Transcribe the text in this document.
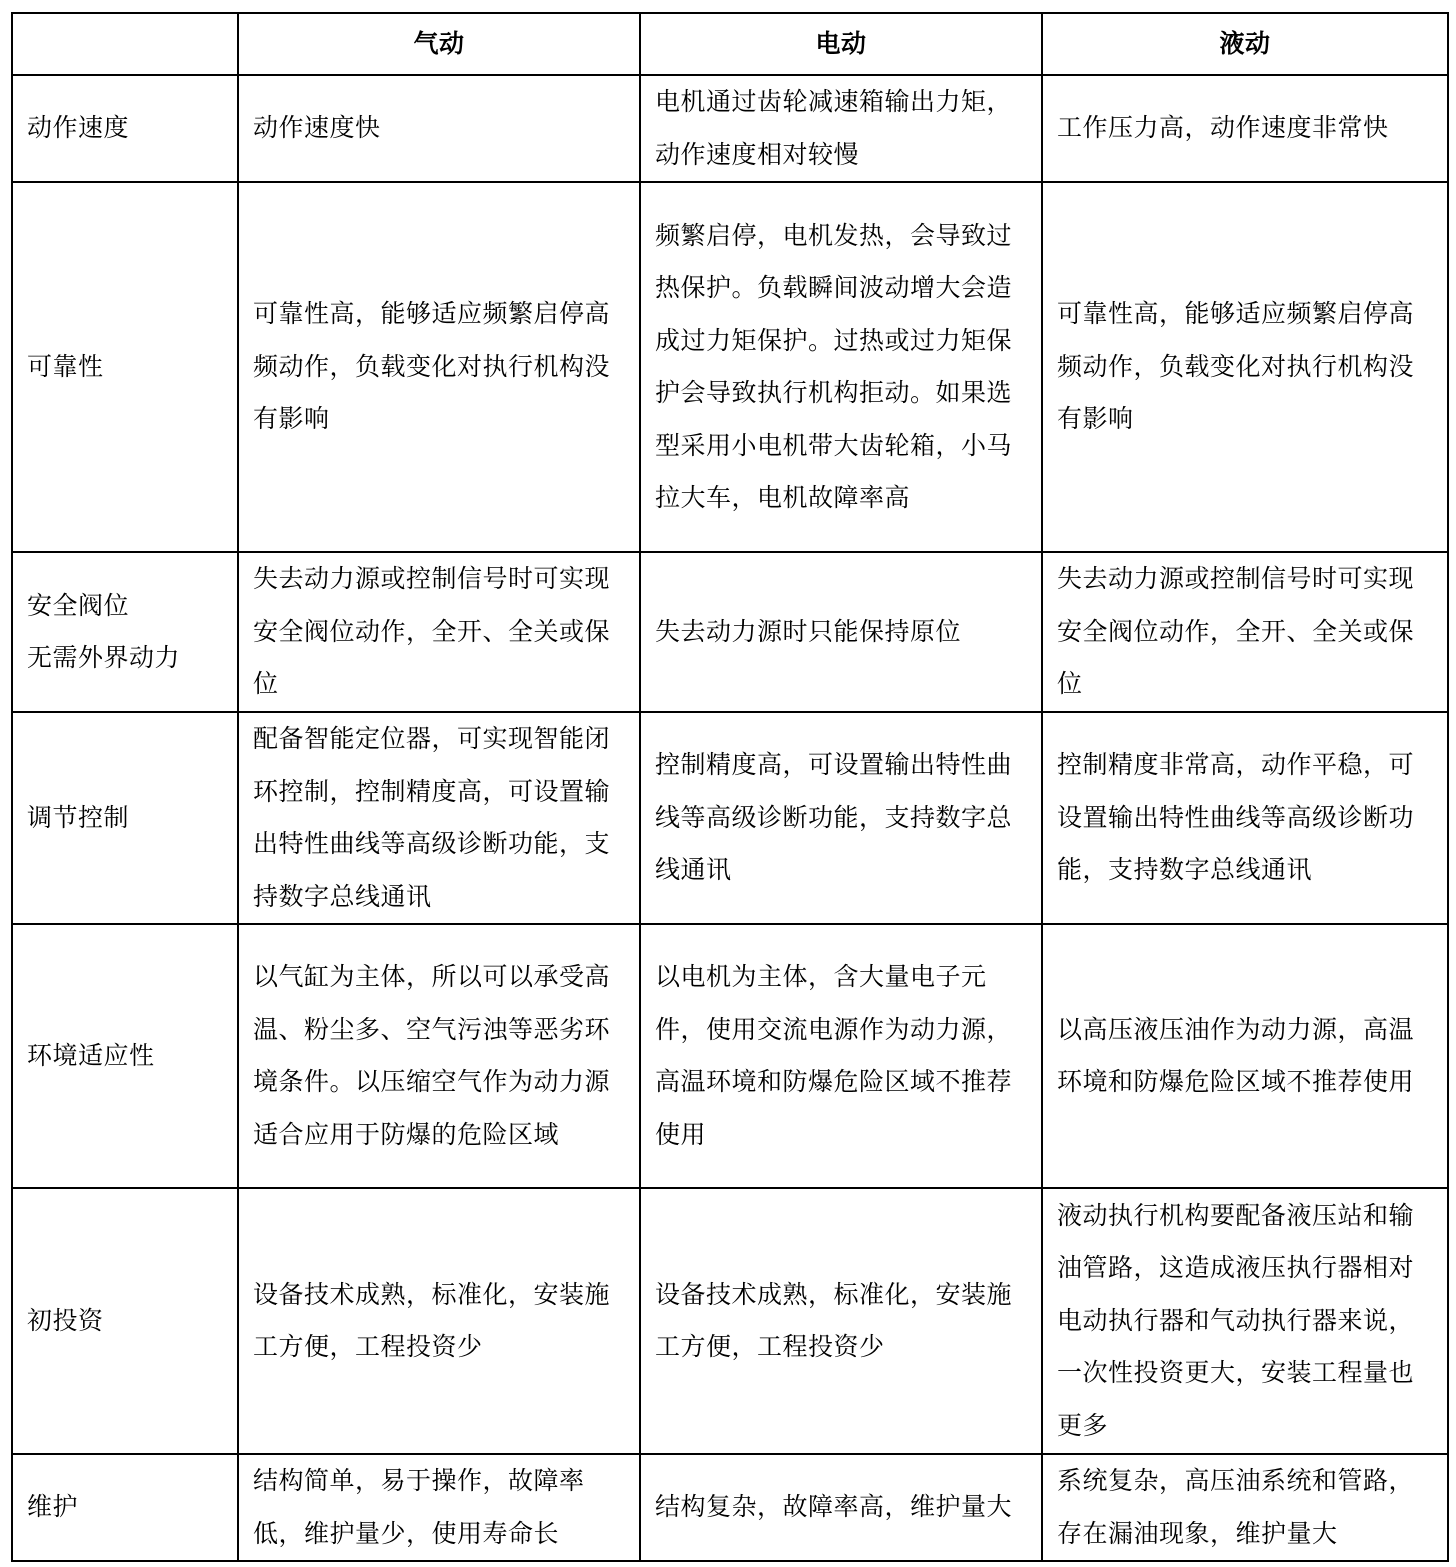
	气动	电动	液动

动作速度	动作速度快	电机通过齿轮减速箱输出力矩，动作速度相对较慢	工作压力高，动作速度非常快

可靠性	可靠性高，能够适应频繁启停高频动作，负载变化对执行机构没有影响	频繁启停，电机发热，会导致过热保护。负载瞬间波动增大会造成过力矩保护。过热或过力矩保护会导致执行机构拒动。如果选型采用小电机带大齿轮箱，小马拉大车，电机故障率高	可靠性高，能够适应频繁启停高频动作，负载变化对执行机构没有影响

安全阀位
无需外界动力	失去动力源或控制信号时可实现安全阀位动作，全开、全关或保位	失去动力源时只能保持原位	失去动力源或控制信号时可实现安全阀位动作，全开、全关或保位

调节控制	配备智能定位器，可实现智能闭环控制，控制精度高，可设置输出特性曲线等高级诊断功能，支持数字总线通讯	控制精度高，可设置输出特性曲线等高级诊断功能，支持数字总线通讯	控制精度非常高，动作平稳，可设置输出特性曲线等高级诊断功能，支持数字总线通讯

环境适应性	以气缸为主体，所以可以承受高温、粉尘多、空气污浊等恶劣环境条件。以压缩空气作为动力源适合应用于防爆的危险区域	以电机为主体，含大量电子元件，使用交流电源作为动力源，高温环境和防爆危险区域不推荐使用	以高压液压油作为动力源，高温环境和防爆危险区域不推荐使用

初投资	设备技术成熟，标准化，安装施工方便，工程投资少	设备技术成熟，标准化，安装施工方便，工程投资少	液动执行机构要配备液压站和输油管路，这造成液压执行器相对电动执行器和气动执行器来说，一次性投资更大，安装工程量也更多

维护	结构简单，易于操作，故障率低，维护量少，使用寿命长	结构复杂，故障率高，维护量大	系统复杂，高压油系统和管路，存在漏油现象，维护量大
